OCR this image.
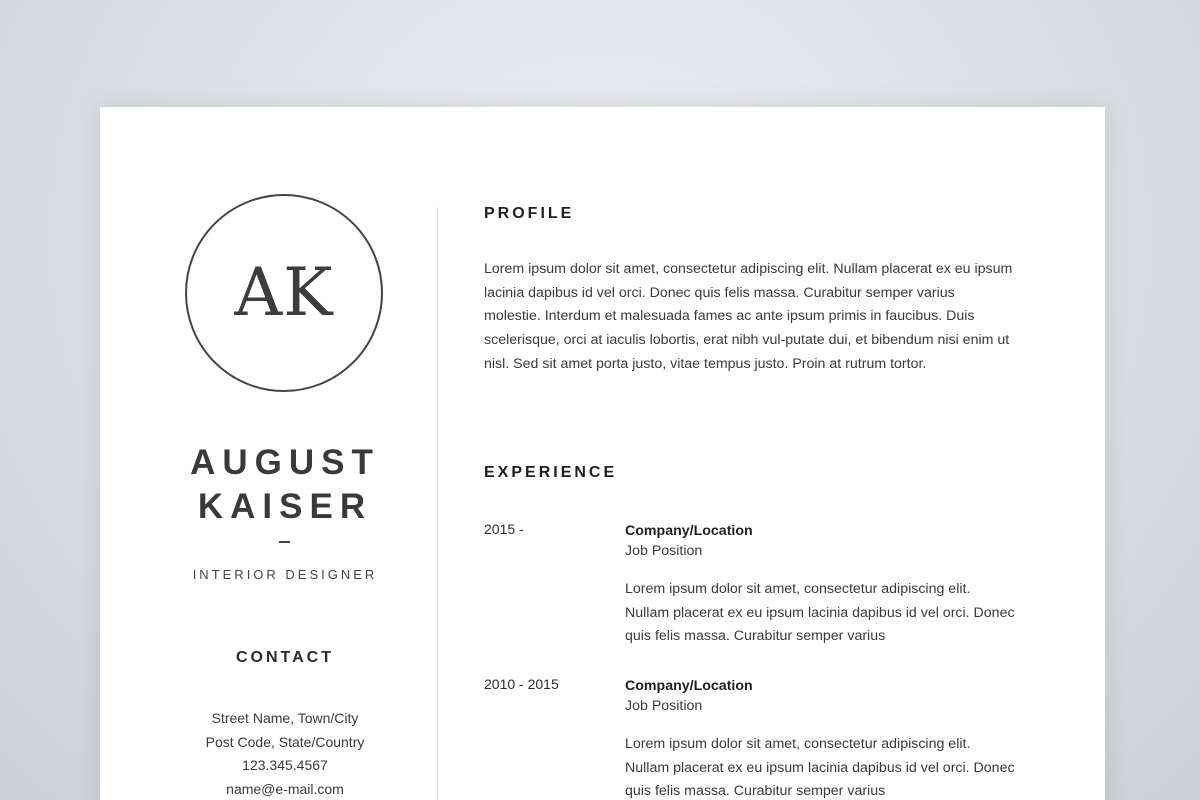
AK
AUGUST
KAISER
INTERIOR DESIGNER
CONTACT
Street Name, Town/City
Post Code, State/Country
123.345.4567
name@e-mail.com
PROFILE

Lorem ipsum dolor sit amet, consectetur adipiscing elit. Nullam placerat ex eu ipsum lacinia dapibus id vel orci. Donec quis felis massa. Curabitur semper varius molestie. Interdum et malesuada fames ac ante ipsum primis in faucibus. Duis scelerisque, orci at iaculis lobortis, erat nibh vul-putate dui, et bibendum nisi enim ut nisl. Sed sit amet porta justo, vitae tempus justo. Proin at rutrum tortor.

EXPERIENCE
2015 -	Company/Location
Job Position

Lorem ipsum dolor sit amet, consectetur adipiscing elit. Nullam placerat ex eu ipsum lacinia dapibus id vel orci. Donec quis felis massa. Curabitur semper varius

2010 - 2015	Company/Location
Job Position

Lorem ipsum dolor sit amet, consectetur adipiscing elit. Nullam placerat ex eu ipsum lacinia dapibus id vel orci. Donec quis felis massa. Curabitur semper varius
